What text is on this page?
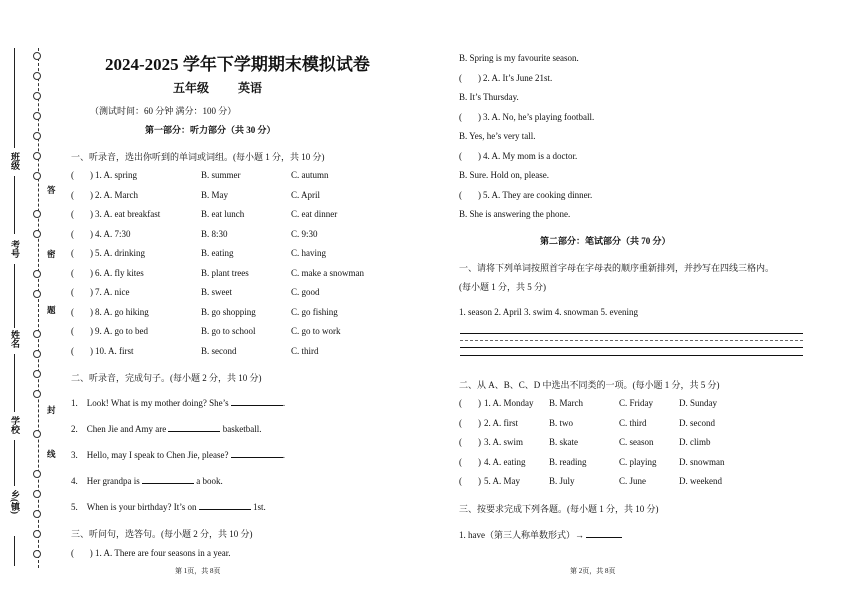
答
密
题
封
线
班级
考号
姓名
学校
乡(镇)
2024-2025 学年下学期期末模拟试卷
五年级 英语
（测试时间：60 分钟 满分：100 分）
第一部分：听力部分（共 30 分）
一、听录音，选出你听到的单词或词组。(每小题 1 分，共 10 分)
( ) 1. A. spring	B. summer	C. autumn
( ) 2. A. March	B. May	C. April
( ) 3. A. eat breakfast	B. eat lunch	C. eat dinner
( ) 4. A. 7:30	B. 8:30	C. 9:30
( ) 5. A. drinking	B. eating	C. having
( ) 6. A. fly kites	B. plant trees	C. make a snowman
( ) 7. A. nice	B. sweet	C. good
( ) 8. A. go hiking	B. go shopping	C. go fishing
( ) 9. A. go to bed	B. go to school	C. go to work
( ) 10. A. first	B. second	C. third
二、听录音，完成句子。(每小题 2 分，共 10 分)
1. Look! What is my mother doing? She’s	.
2. Chen Jie and Amy are	basketball.
3. Hello, may I speak to Chen Jie, please?	.
4. Her grandpa is	a book.
5. When is your birthday? It’s on	1st.
三、听问句，选答句。(每小题 2 分，共 10 分)
(       ) 1. A. There are four seasons in a year.
第 1页，共 8页
B. Spring is my favourite season.
( ) 2. A. It’s June 21st.
B. It’s Thursday.
( ) 3. A. No, he’s playing football.
B. Yes, he’s very tall.
( ) 4. A. My mom is a doctor.
B. Sure. Hold on, please.
( ) 5. A. They are cooking dinner.
B. She is answering the phone.
第二部分：笔试部分（共 70 分）
一、请将下列单词按照首字母在字母表的顺序重新排列，并抄写在四线三格内。
(每小题 1 分，共 5 分)
1. season 2. April 3. swim 4. snowman 5. evening
二、从 A、B、C、D 中选出不同类的一项。(每小题 1 分，共 5 分)
( ) 1. A. Monday B. March	C. Friday	D. Sunday
( ) 2. A. first	B. two	C. third	D. second
( ) 3. A. swim	B. skate	C. season	D. climb
( ) 4. A. eating	B. reading	C. playing	D. snowman
( ) 5. A. May	B. July	C. June	D. weekend
三、按要求完成下列各题。(每小题 1 分，共 10 分)
1. have（第三人称单数形式）→
第 2页，共 8页
